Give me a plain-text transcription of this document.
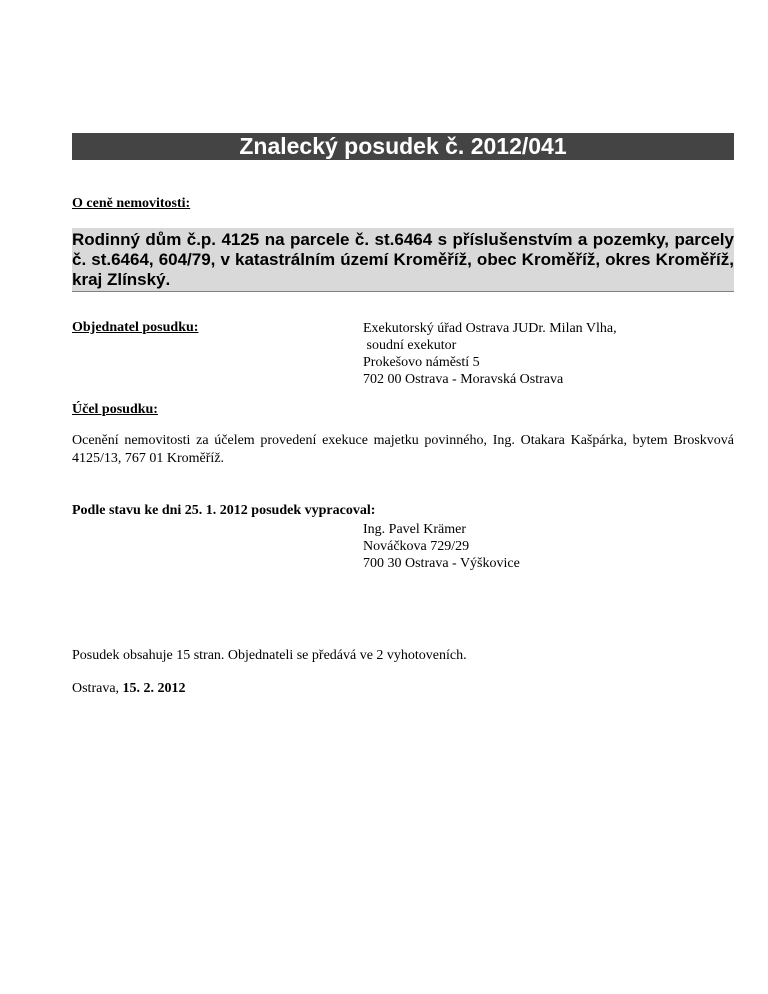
Znalecký posudek č. 2012/041
O ceně nemovitosti:
Rodinný dům č.p. 4125 na parcele č. st.6464 s příslušenstvím a pozemky, parcely č. st.6464, 604/79, v katastrálním území Kroměříž, obec Kroměříž, okres Kroměříž, kraj Zlínský.
Objednatel posudku:	Exekutorský úřad Ostrava JUDr. Milan Vlha,
soudní exekutor
Prokešovo náměstí 5
702 00 Ostrava - Moravská Ostrava
Účel posudku:
Ocenění nemovitosti za účelem provedení exekuce majetku povinného, Ing. Otakara Kašpárka, bytem Broskvová 4125/13, 767 01 Kroměříž.
Podle stavu ke dni 25. 1. 2012 posudek vypracoval:
Ing. Pavel Krämer
Nováčkova 729/29
700 30 Ostrava - Výškovice
Posudek obsahuje 15 stran. Objednateli se předává ve 2 vyhotoveních.
Ostrava, 15. 2. 2012
